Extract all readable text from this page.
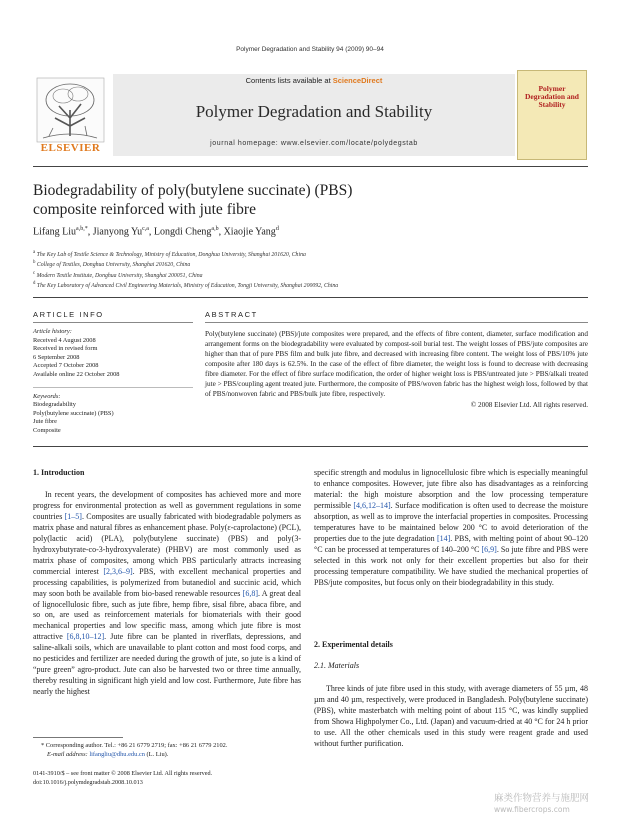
Polymer Degradation and Stability 94 (2009) 90–94
ELSEVIER
Contents lists available at ScienceDirect
Polymer Degradation and Stability
journal homepage: www.elsevier.com/locate/polydegstab
Polymer Degradation and Stability
Biodegradability of poly(butylene succinate) (PBS)
composite reinforced with jute fibre
Lifang Liu$^{a,b,*}$, Jianyong Yu$^{c,a}$, Longdi Cheng$^{a,b}$, Xiaojie Yang$^d$
$^a$ The Key Lab of Textile Science & Technology, Ministry of Education, Donghua University, Shanghai 201620, China
$^b$ College of Textiles, Donghua University, Shanghai 201620, China
$^c$ Modern Textile Institute, Donghua University, Shanghai 200051, China
$^d$ The Key Laboratory of Advanced Civil Engineering Materials, Ministry of Education, Tongji University, Shanghai 200092, China
ARTICLE INFO
Article history:
Received 4 August 2008
Received in revised form
6 September 2008
Accepted 7 October 2008
Available online 22 October 2008
Keywords:
Biodegradability
Poly(butylene succinate) (PBS)
Jute fibre
Composite
ABSTRACT
Poly(butylene succinate) (PBS)/jute composites were prepared, and the effects of fibre content, diameter, surface modification and arrangement forms on the biodegradability were evaluated by compost-soil burial test. The weight losses of PBS/jute composites are higher than that of pure PBS film and bulk jute fibre, and decreased with increasing fibre content. The weight loss of PBS/10% jute composite after 180 days is 62.5%. In the case of the effect of fibre diameter, the weight loss is found to decrease with decreasing fibre diameter. For the effect of fibre surface modification, the order of higher weight loss is PBS/untreated jute > PBS/alkali treated jute > PBS/coupling agent treated jute. Furthermore, the composite of PBS/woven fabric has the highest weigh loss, followed by that of PBS/nonwoven fabric and PBS/bulk jute fibre, respectively.
© 2008 Elsevier Ltd. All rights reserved.
1. Introduction
In recent years, the development of composites has achieved more and more progress for environmental protection as well as government regulations in some countries [1–5]. Composites are usually fabricated with biodegradable polymers as matrix phase and natural fibres as enhancement phase. Poly(ε-caprolactone) (PCL), poly(lactic acid) (PLA), poly(butylene succinate) (PBS) and poly(3-hydroxybutyrate-co-3-hydroxyvalerate) (PHBV) are most commonly used as matrix phase of composites, among which PBS particularly attracts increasing commercial interest [2,3,6–9]. PBS, with excellent mechanical properties and processing capabilities, is polymerized from butanediol and succinic acid, which may soon both be available from bio-based renewable resources [6,8]. A great deal of lignocellulosic fibre, such as jute fibre, hemp fibre, sisal fibre, abaca fibre, and so on, are used as reinforcement materials for biomaterials with their good mechanical properties and low specific mass, among which jute fibre is most attractive [6,8,10–12]. Jute fibre can be planted in riverflats, depressions, and saline-alkali soils, which are unavailable to plant cotton and most food corps, and no pesticides and fertilizer are needed during the growth of jute, so jute is a kind of “pure green” agro-product. Jute can also be harvested two or three time annually, thereby resulting in significant high yield and low cost. Furthermore, Jute fibre has nearly the highest
specific strength and modulus in lignocellulosic fibre which is especially meaningful to enhance composites. However, jute fibre also has disadvantages as a reinforcing material: the high moisture absorption and the low processing temperature permissible [4,6,12–14]. Surface modification is often used to decrease the moisture absorption, as well as to improve the interfacial properties in composites. Processing temperatures have to be maintained below 200 °C to avoid deterioration of the properties due to the jute degradation [14]. PBS, with melting point of about 90–120 °C can be processed at temperatures of 140–200 °C [6,9]. So jute fibre and PBS were selected in this work not only for their excellent properties but also for their processing temperature compatibility. We have studied the mechanical properties of PBS/jute composites, but focus only on their biodegradability in this study.
2. Experimental details
2.1. Materials
Three kinds of jute fibre used in this study, with average diameters of 55 µm, 48 µm and 40 µm, respectively, were produced in Bangladesh. Poly(butylene succinate) (PBS), white masterbatch with melting point of about 115 °C, was kindly supplied from Showa Highpolymer Co., Ltd. (Japan) and vacuum-dried at 40 °C for 24 h prior to use. All the other chemicals used in this study were reagent grade and used without further purification.
* Corresponding author. Tel.: +86 21 6779 2719; fax: +86 21 6779 2102.
E-mail address: lifangliu@dhu.edu.cn (L. Liu).
0141-3910/$ – see front matter © 2008 Elsevier Ltd. All rights reserved.
doi:10.1016/j.polymdegradstab.2008.10.013
麻类作物营养与施肥网
www.fibercrops.com
